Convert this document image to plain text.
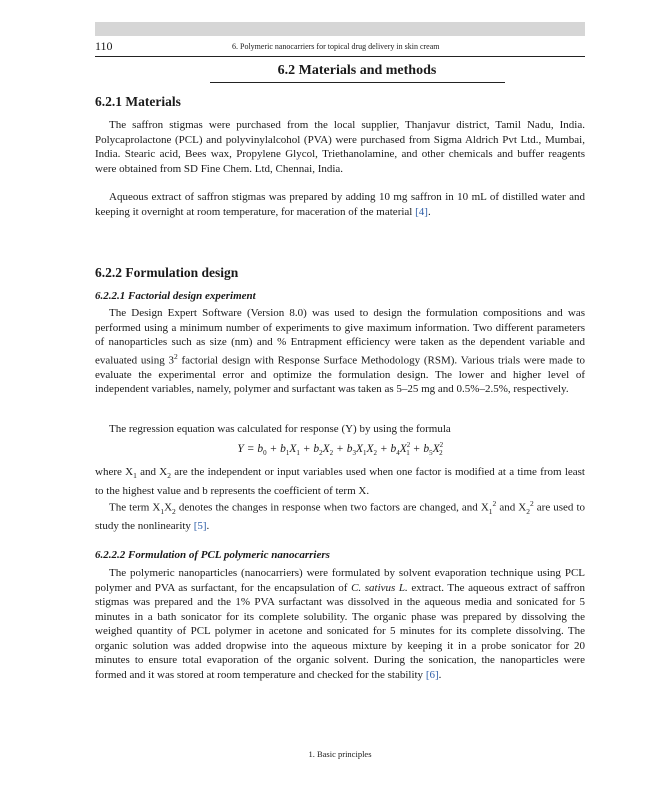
110	6. Polymeric nanocarriers for topical drug delivery in skin cream
6.2 Materials and methods
6.2.1 Materials

The saffron stigmas were purchased from the local supplier, Thanjavur district, Tamil Nadu, India. Polycaprolactone (PCL) and polyvinylalcohol (PVA) were purchased from Sigma Aldrich Pvt Ltd., Mumbai, India. Stearic acid, Bees wax, Propylene Glycol, Triethanolamine, and other chemicals and buffer reagents were obtained from SD Fine Chem. Ltd, Chennai, India.

Aqueous extract of saffron stigmas was prepared by adding 10 mg saffron in 10 mL of distilled water and keeping it overnight at room temperature, for maceration of the material [4].

6.2.2 Formulation design
6.2.2.1 Factorial design experiment

The Design Expert Software (Version 8.0) was used to design the formulation compositions and was performed using a minimum number of experiments to give maximum information. Two different parameters of nanoparticles such as size (nm) and % Entrapment efficiency were taken as the dependent variable and evaluated using $3^2$ factorial design with Response Surface Methodology (RSM). Various trials were made to evaluate the experimental error and optimize the formulation design. The lower and higher level of independent variables, namely, polymer and surfactant was taken as 5–25 mg and 0.5%–2.5%, respectively.

The regression equation was calculated for response (Y) by using the formula

$Y = b_0 + b_1X_1 + b_2X_2 + b_3X_1X_2 + b_4X^2_1 + b_5X^2_2$

where $X_1$ and $X_2$ are the independent or input variables used when one factor is modified at a time from least to the highest value and b represents the coefficient of term X.

The term $X_1X_2$ denotes the changes in response when two factors are changed, and $X_1^2$ and $X_2^2$ are used to study the nonlinearity [5].

6.2.2.2 Formulation of PCL polymeric nanocarriers

The polymeric nanoparticles (nanocarriers) were formulated by solvent evaporation technique using PCL polymer and PVA as surfactant, for the encapsulation of C. sativus L. extract. The aqueous extract of saffron stigmas was prepared and the 1% PVA surfactant was dissolved in the aqueous media and sonicated for 5 minutes in a bath sonicator for its complete solubility. The organic phase was prepared by dissolving the weighed quantity of PCL polymer in acetone and sonicated for 5 minutes for its complete dissolving. The organic solution was added dropwise into the aqueous mixture by keeping it in a probe sonicator for 20 minutes to ensure total evaporation of the organic solvent. During the sonication, the nanoparticles were formed and it was stored at room temperature and checked for the stability [6].

1. Basic principles
